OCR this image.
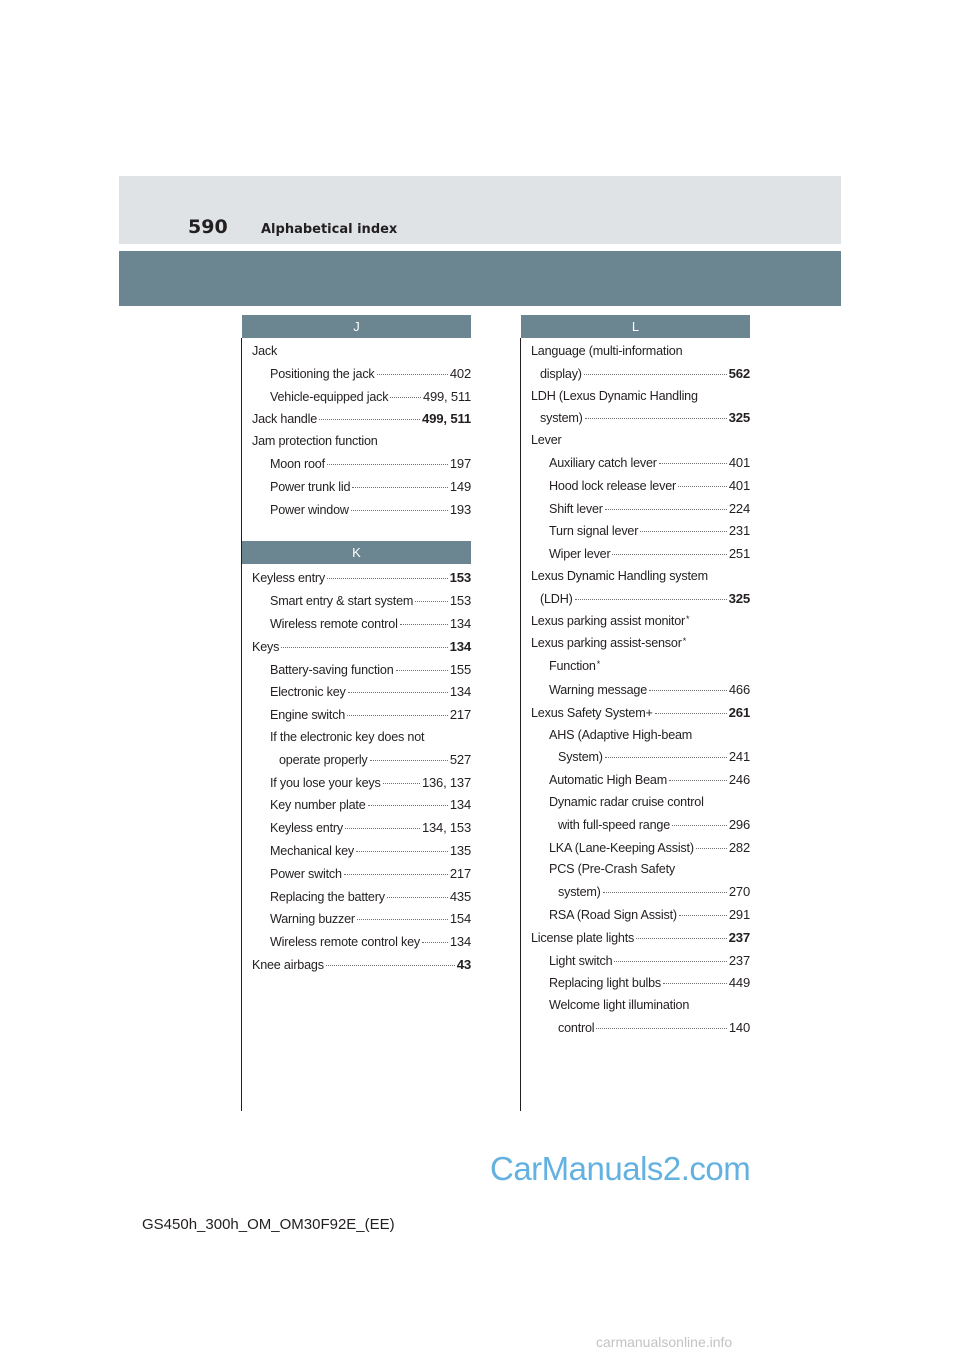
590	Alphabetical index
J
Jack
Positioning the jack	402
Vehicle-equipped jack	499, 511
Jack handle	499, 511
Jam protection function
Moon roof	197
Power trunk lid	149
Power window	193
K
Keyless entry	153
Smart entry & start system	153
Wireless remote control	134
Keys	134
Battery-saving function	155
Electronic key	134
Engine switch	217
If the electronic key does not
operate properly	527
If you lose your keys	136, 137
Key number plate	134
Keyless entry	134, 153
Mechanical key	135
Power switch	217
Replacing the battery	435
Warning buzzer	154
Wireless remote control key 134
Knee airbags	43
L
Language (multi-information
display)	562
LDH (Lexus Dynamic Handling
system)	325
Lever
Auxiliary catch lever	401
Hood lock release lever	401
Shift lever	224
Turn signal lever	231
Wiper lever	251
Lexus Dynamic Handling system
(LDH)	325
Lexus parking assist monitor *
Lexus parking assist-sensor *
Function *
Warning message	466
Lexus Safety System+	261
AHS (Adaptive High-beam
System)	241
Automatic High Beam	246
Dynamic radar cruise control
with full-speed range	296
LKA (Lane-Keeping Assist)	282
PCS (Pre-Crash Safety
system)	270
RSA (Road Sign Assist)	291
License plate lights	237
Light switch	237
Replacing light bulbs	449
Welcome light illumination
control	140
GS450h_300h_OM_OM30F92E_(EE)
CarManuals2.com
carmanualsonline.info
